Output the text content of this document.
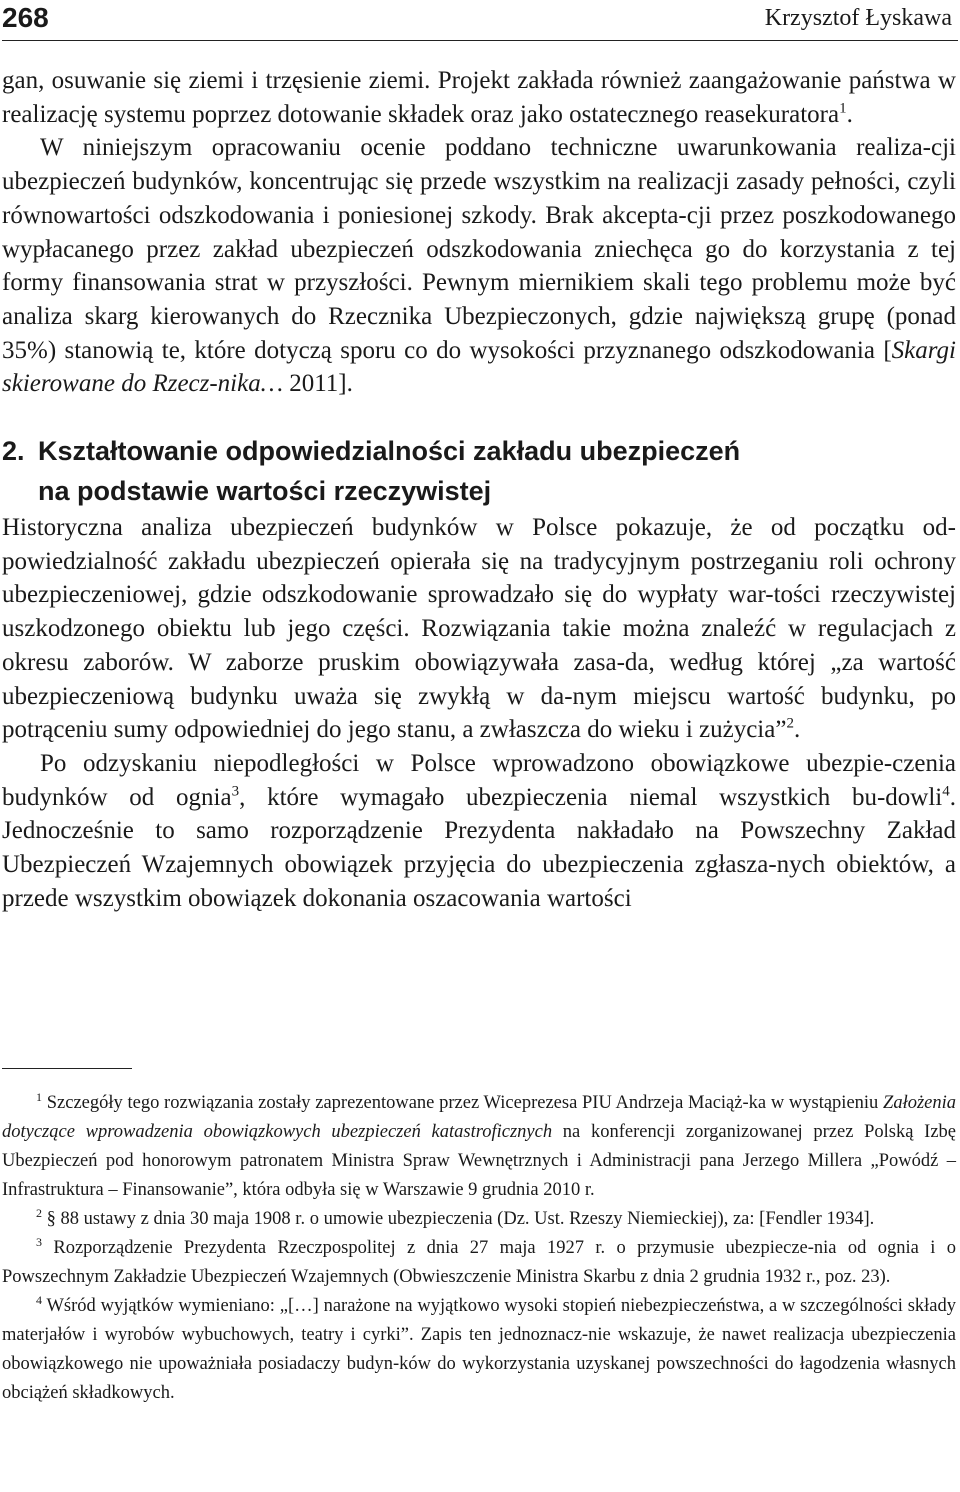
268	Krzysztof Łyskawa

gan, osuwanie się ziemi i trzęsienie ziemi. Projekt zakłada również zaangażowanie państwa w realizację systemu poprzez dotowanie składek oraz jako ostatecznego reasekuratora$^1$.

W niniejszym opracowaniu ocenie poddano techniczne uwarunkowania realiza-cji ubezpieczeń budynków, koncentrując się przede wszystkim na realizacji zasady pełności, czyli równowartości odszkodowania i poniesionej szkody. Brak akcepta-cji przez poszkodowanego wypłacanego przez zakład ubezpieczeń odszkodowania zniechęca go do korzystania z tej formy finansowania strat w przyszłości. Pewnym miernikiem skali tego problemu może być analiza skarg kierowanych do Rzecznika Ubezpieczonych, gdzie największą grupę (ponad 35%) stanowią te, które dotyczą sporu co do wysokości przyznanego odszkodowania [Skargi skierowane do Rzecz-nika… 2011].

2. Kształtowanie odpowiedzialności zakładu ubezpieczeń
na podstawie wartości rzeczywistej

Historyczna analiza ubezpieczeń budynków w Polsce pokazuje, że od początku od-powiedzialność zakładu ubezpieczeń opierała się na tradycyjnym postrzeganiu roli ochrony ubezpieczeniowej, gdzie odszkodowanie sprowadzało się do wypłaty war-tości rzeczywistej uszkodzonego obiektu lub jego części. Rozwiązania takie można znaleźć w regulacjach z okresu zaborów. W zaborze pruskim obowiązywała zasa-da, według której „za wartość ubezpieczeniową budynku uważa się zwykłą w da-nym miejscu wartość budynku, po potrąceniu sumy odpowiedniej do jego stanu, a zwłaszcza do wieku i zużycia”$^2$.

Po odzyskaniu niepodległości w Polsce wprowadzono obowiązkowe ubezpie-czenia budynków od ognia$^3$, które wymagało ubezpieczenia niemal wszystkich bu-dowli$^4$. Jednocześnie to samo rozporządzenie Prezydenta nakładało na Powszechny Zakład Ubezpieczeń Wzajemnych obowiązek przyjęcia do ubezpieczenia zgłasza-nych obiektów, a przede wszystkim obowiązek dokonania oszacowania wartości

$^1$ Szczegóły tego rozwiązania zostały zaprezentowane przez Wiceprezesa PIU Andrzeja Maciąż-ka w wystąpieniu Założenia dotyczące wprowadzenia obowiązkowych ubezpieczeń katastroficznych na konferencji zorganizowanej przez Polską Izbę Ubezpieczeń pod honorowym patronatem Ministra Spraw Wewnętrznych i Administracji pana Jerzego Millera „Powódź – Infrastruktura – Finansowanie”, która odbyła się w Warszawie 9 grudnia 2010 r.

$^2$ § 88 ustawy z dnia 30 maja 1908 r. o umowie ubezpieczenia (Dz. Ust. Rzeszy Niemieckiej), za: [Fendler 1934].

$^3$ Rozporządzenie Prezydenta Rzeczpospolitej z dnia 27 maja 1927 r. o przymusie ubezpiecze-nia od ognia i o Powszechnym Zakładzie Ubezpieczeń Wzajemnych (Obwieszczenie Ministra Skarbu z dnia 2 grudnia 1932 r., poz. 23).

$^4$ Wśród wyjątków wymieniano: „[…] narażone na wyjątkowo wysoki stopień niebezpieczeństwa, a w szczególności składy materjałów i wyrobów wybuchowych, teatry i cyrki”. Zapis ten jednoznacz-nie wskazuje, że nawet realizacja ubezpieczenia obowiązkowego nie upoważniała posiadaczy budyn-ków do wykorzystania uzyskanej powszechności do łagodzenia własnych obciążeń składkowych.
